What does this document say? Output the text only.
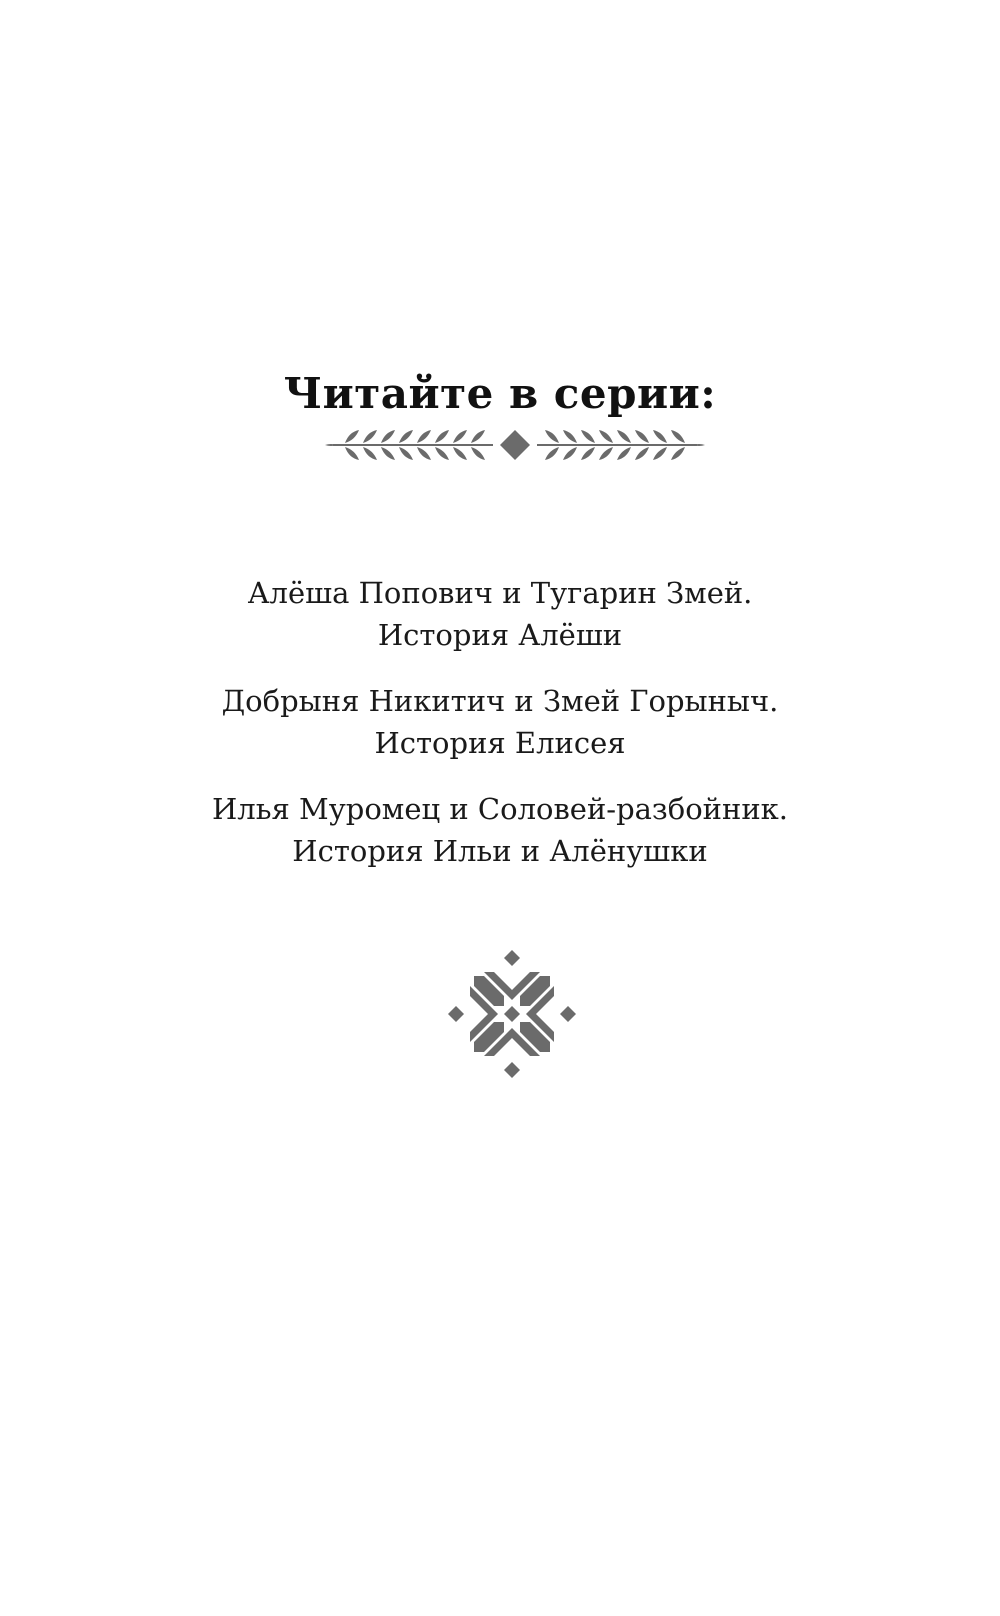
Читайте в серии:
Алёша Попович и Тугарин Змей.
История Алёши
Добрыня Никитич и Змей Горыныч.
История Елисея
Илья Муромец и Соловей-разбойник.
История Ильи и Алёнушки
